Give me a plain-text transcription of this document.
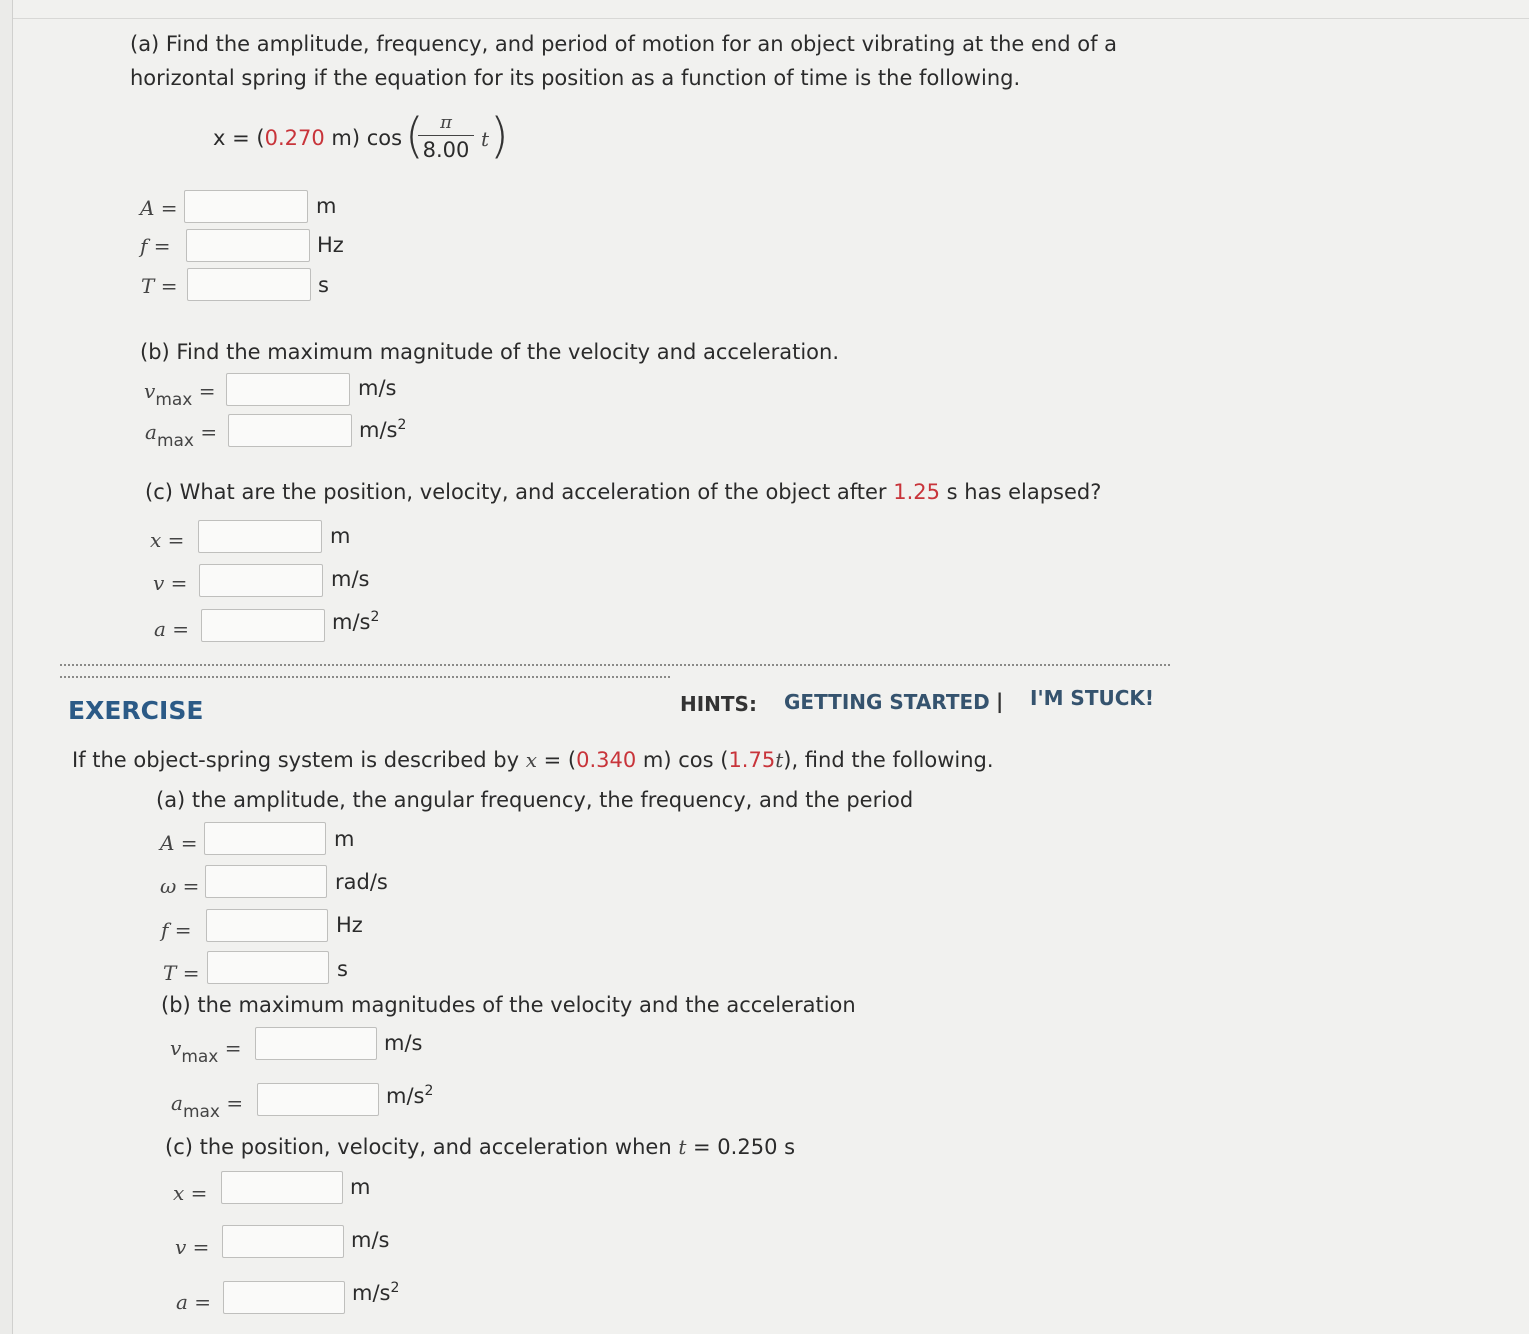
(a) Find the amplitude, frequency, and period of motion for an object vibrating at the end of a
horizontal spring if the equation for its position as a function of time is the following.
x = (0.270 m) cos ( π
8.00 t )
A =	m
f =	Hz
T =	s
(b) Find the maximum magnitude of the velocity and acceleration.
$v_{max}$ =	m/s
$a_{max}$ =	$m/s^2$
(c) What are the position, velocity, and acceleration of the object after 1.25 s has elapsed?
x =	m
v =	m/s
a =	$m/s^2$
EXERCISE	HINTS: GETTING STARTED | I'M STUCK!
If the object-spring system is described by x = (0.340 m) cos (1.75t), find the following.
(a) the amplitude, the angular frequency, the frequency, and the period
A =	m
ω =	rad/s
f =	Hz
T =	s
(b) the maximum magnitudes of the velocity and the acceleration
$v_{max}$ =	m/s
$a_{max}$ =	$m/s^2$
(c) the position, velocity, and acceleration when t = 0.250 s
x =	m
v =	m/s
a =	$m/s^2$
